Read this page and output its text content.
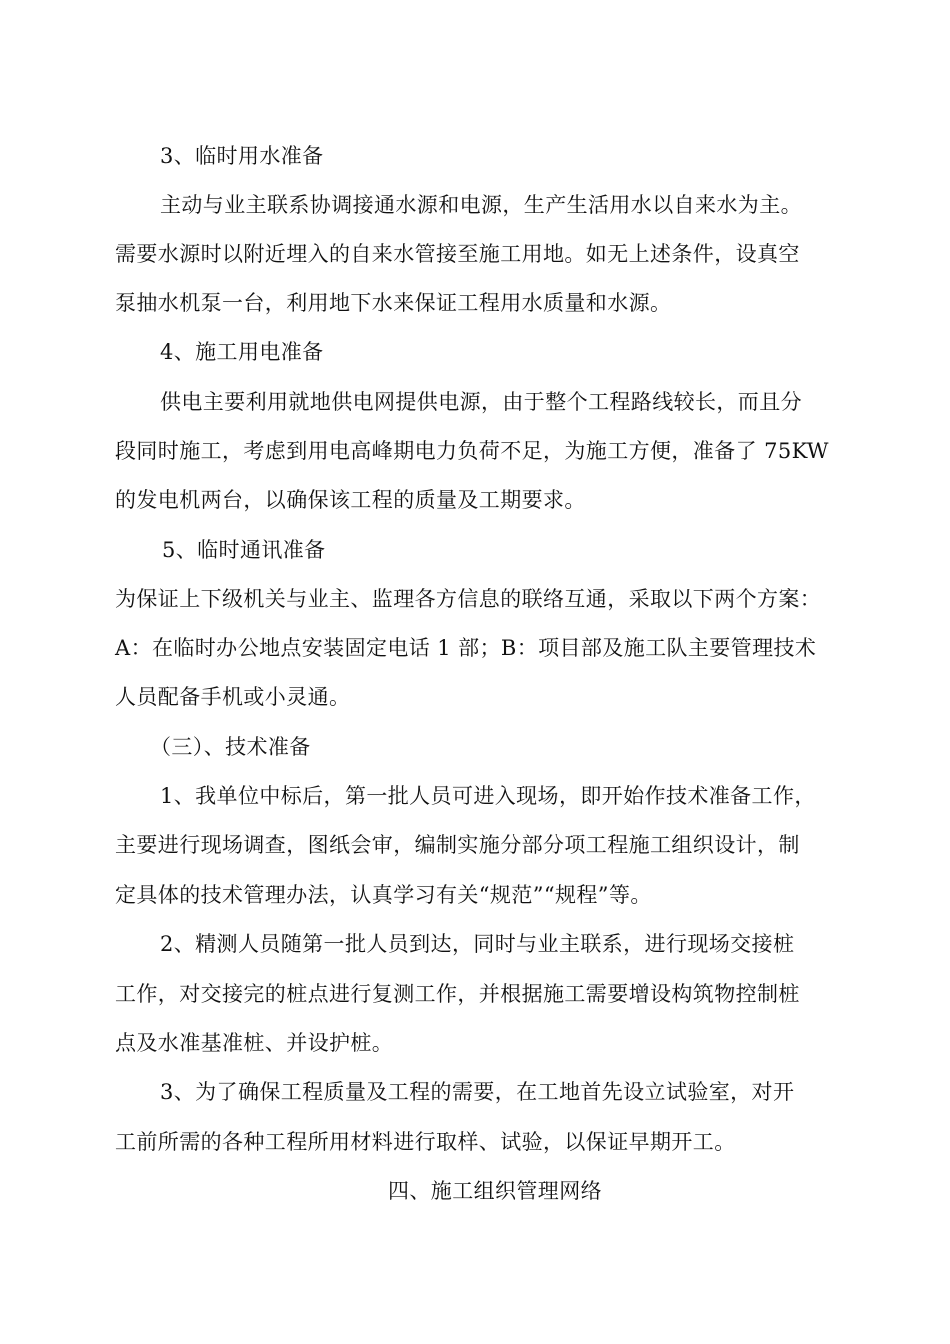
3、临时用水准备
主动与业主联系协调接通水源和电源，生产生活用水以自来水为主。
需要水源时以附近埋入的自来水管接至施工用地。如无上述条件，设真空
泵抽水机泵一台，利用地下水来保证工程用水质量和水源。
4、施工用电准备
供电主要利用就地供电网提供电源，由于整个工程路线较长，而且分
段同时施工，考虑到用电高峰期电力负荷不足，为施工方便，准备了 75KW
的发电机两台，以确保该工程的质量及工期要求。
5、临时通讯准备
为保证上下级机关与业主、监理各方信息的联络互通，采取以下两个方案：
A：在临时办公地点安装固定电话 1 部；B：项目部及施工队主要管理技术
人员配备手机或小灵通。
（三）、技术准备
1、我单位中标后，第一批人员可进入现场，即开始作技术准备工作，
主要进行现场调查，图纸会审，编制实施分部分项工程施工组织设计，制
定具体的技术管理办法，认真学习有关“规范”“规程”等。
2、精测人员随第一批人员到达，同时与业主联系，进行现场交接桩
工作，对交接完的桩点进行复测工作，并根据施工需要增设构筑物控制桩
点及水准基准桩、并设护桩。
3、为了确保工程质量及工程的需要，在工地首先设立试验室，对开
工前所需的各种工程所用材料进行取样、试验，以保证早期开工。
四、施工组织管理网络
